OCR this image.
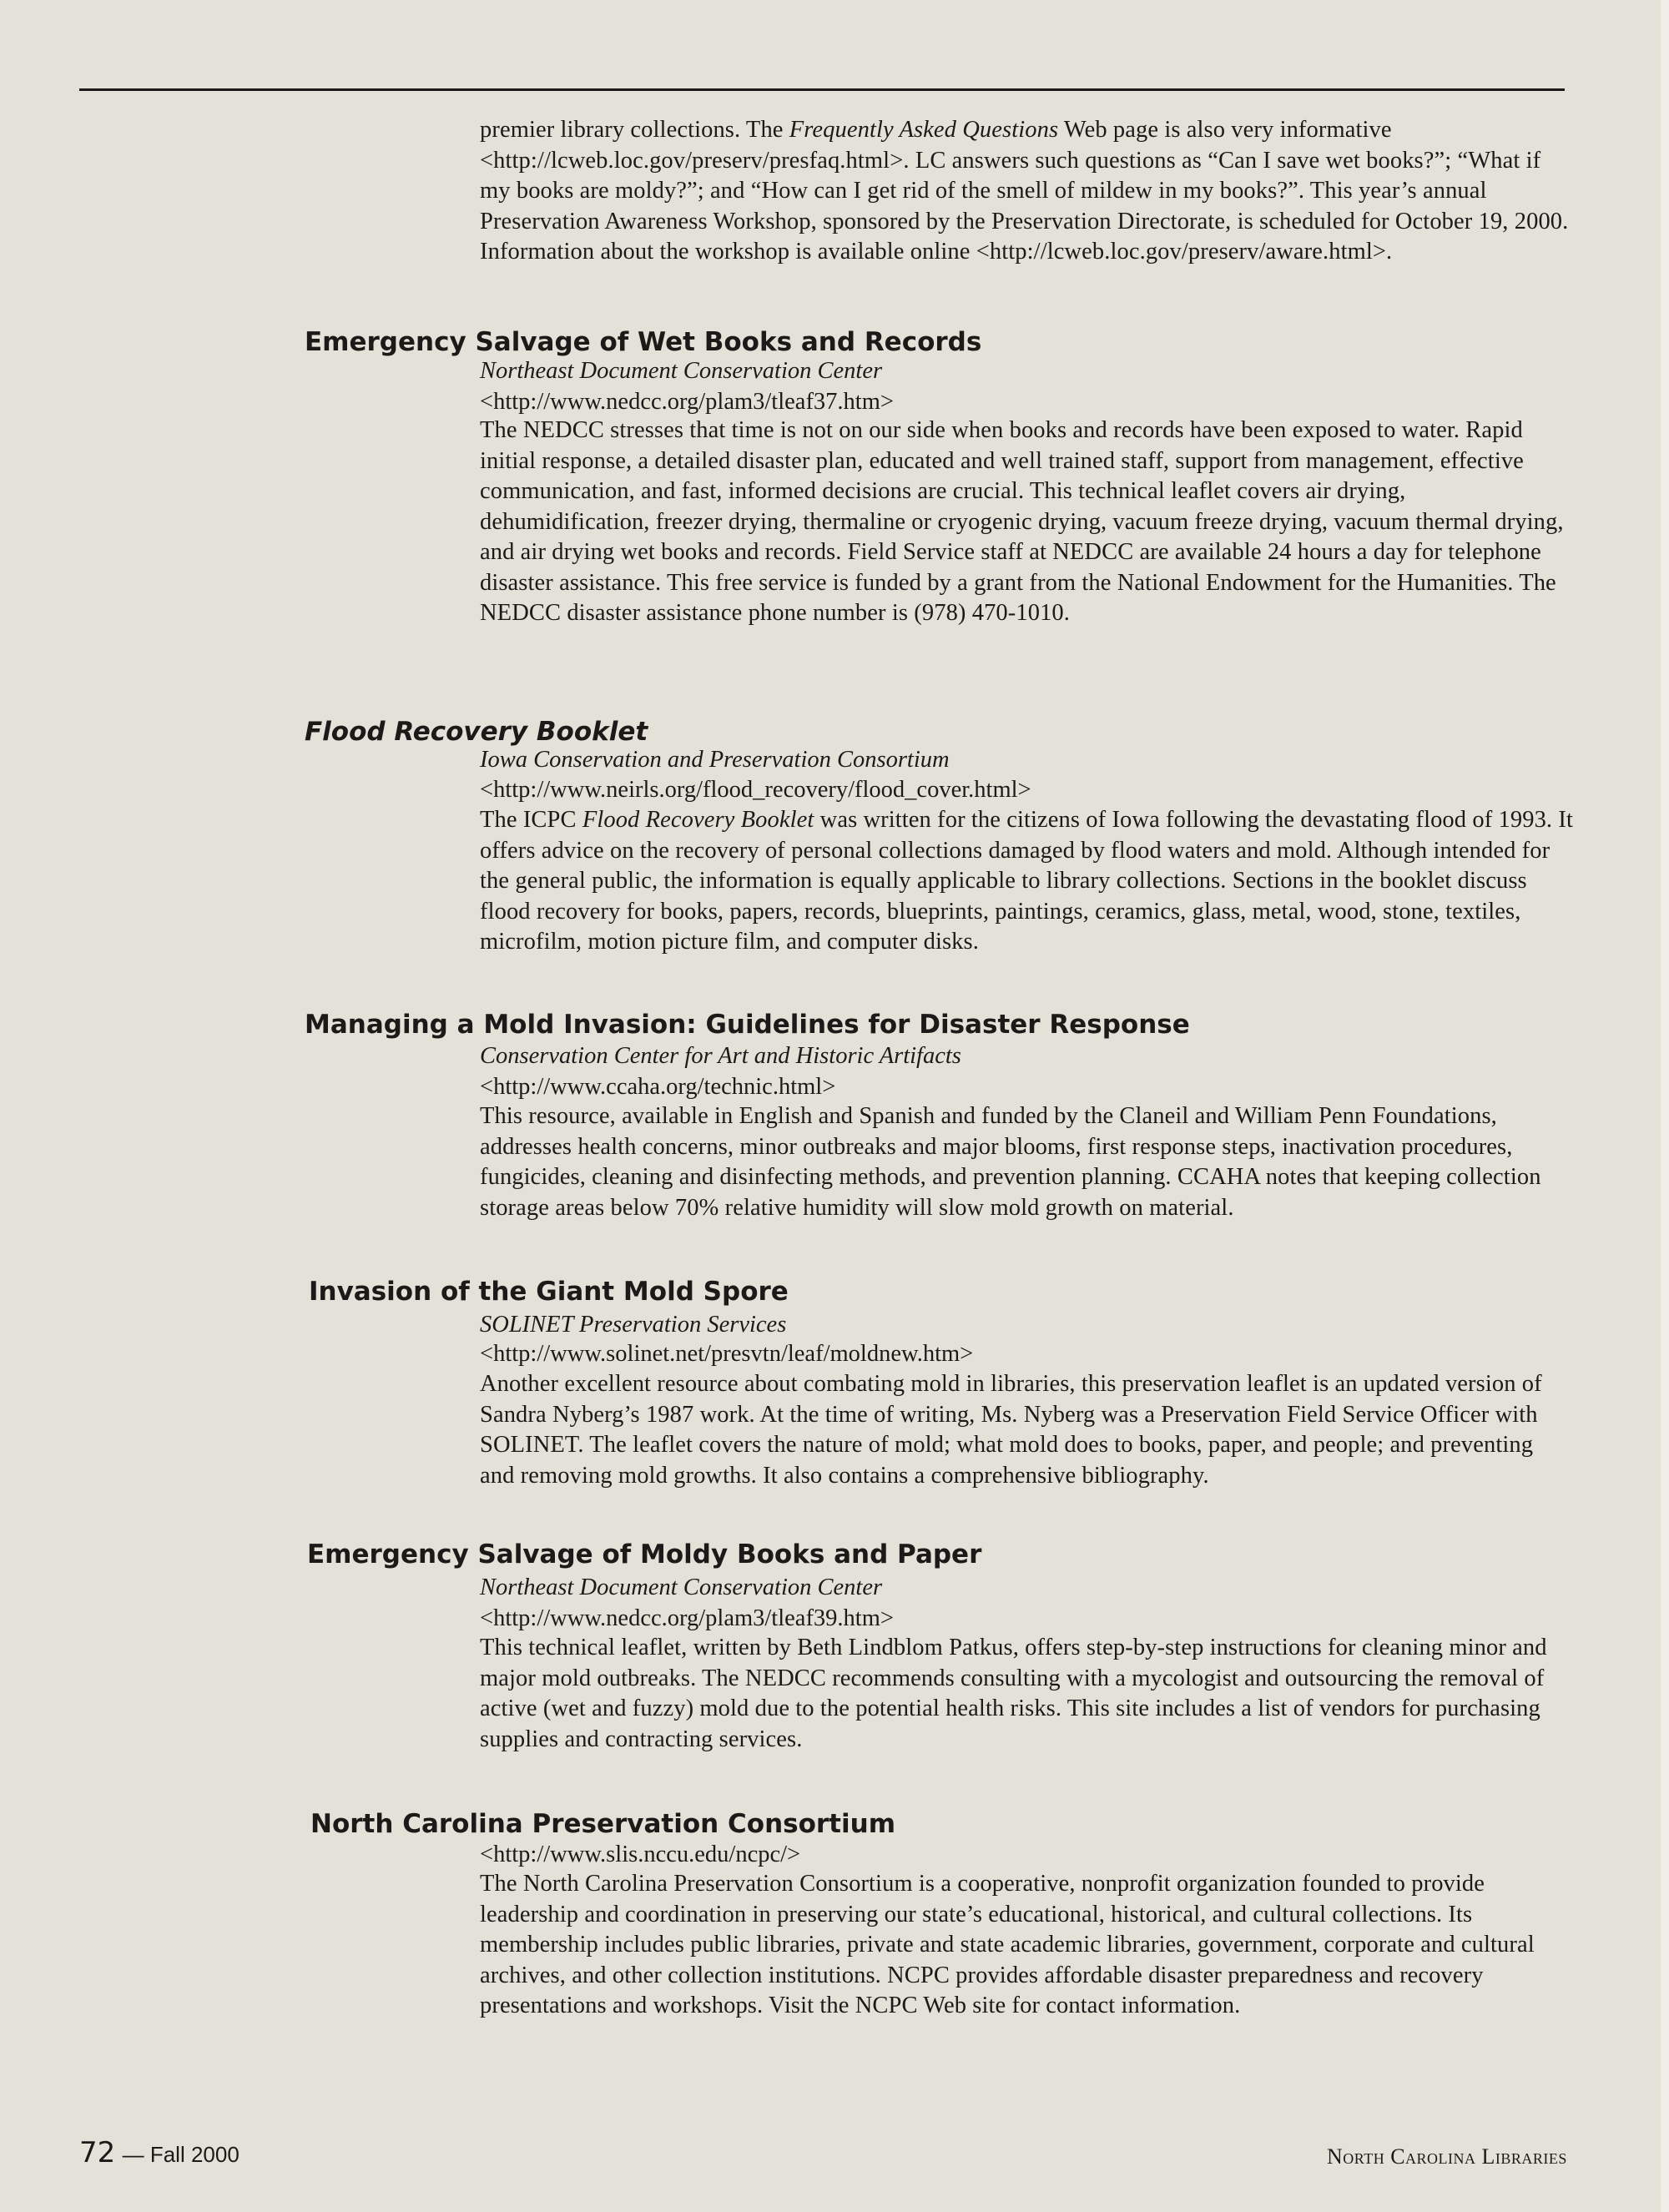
premier library collections. The Frequently Asked Questions Web page is also very informative <http://lcweb.loc.gov/preserv/presfaq.html>. LC answers such questions as “Can I save wet books?”; “What if my books are moldy?”; and “How can I get rid of the smell of mildew in my books?”. This year’s annual Preservation Awareness Workshop, sponsored by the Preservation Directorate, is scheduled for October 19, 2000. Information about the workshop is available online <http://lcweb.loc.gov/preserv/aware.html>.

Emergency Salvage of Wet Books and Records
Northeast Document Conservation Center
<http://www.nedcc.org/plam3/tleaf37.htm>

The NEDCC stresses that time is not on our side when books and records have been exposed to water. Rapid initial response, a detailed disaster plan, educated and well trained staff, support from management, effective communication, and fast, informed decisions are crucial. This technical leaflet covers air drying, dehumidification, freezer drying, thermaline or cryogenic drying, vacuum freeze drying, vacuum thermal drying, and air drying wet books and records. Field Service staff at NEDCC are available 24 hours a day for telephone disaster assistance. This free service is funded by a grant from the National Endowment for the Humanities. The NEDCC disaster assistance phone number is (978) 470-1010.

Flood Recovery Booklet
Iowa Conservation and Preservation Consortium
<http://www.neirls.org/flood_recovery/flood_cover.html>

The ICPC Flood Recovery Booklet was written for the citizens of Iowa following the devastating flood of 1993. It offers advice on the recovery of personal collections damaged by flood waters and mold. Although intended for the general public, the information is equally applicable to library collections. Sections in the booklet discuss flood recovery for books, papers, records, blueprints, paintings, ceramics, glass, metal, wood, stone, textiles, microfilm, motion picture film, and computer disks.

Managing a Mold Invasion: Guidelines for Disaster Response
Conservation Center for Art and Historic Artifacts
<http://www.ccaha.org/technic.html>

This resource, available in English and Spanish and funded by the Claneil and William Penn Foundations, addresses health concerns, minor outbreaks and major blooms, first response steps, inactivation procedures, fungicides, cleaning and disinfecting methods, and prevention planning. CCAHA notes that keeping collection storage areas below 70% relative humidity will slow mold growth on material.

Invasion of the Giant Mold Spore
SOLINET Preservation Services
<http://www.solinet.net/presvtn/leaf/moldnew.htm>

Another excellent resource about combating mold in libraries, this preservation leaflet is an updated version of Sandra Nyberg’s 1987 work. At the time of writing, Ms. Nyberg was a Preservation Field Service Officer with SOLINET. The leaflet covers the nature of mold; what mold does to books, paper, and people; and preventing and removing mold growths. It also contains a comprehensive bibliography.

Emergency Salvage of Moldy Books and Paper
Northeast Document Conservation Center
<http://www.nedcc.org/plam3/tleaf39.htm>

This technical leaflet, written by Beth Lindblom Patkus, offers step-by-step instructions for cleaning minor and major mold outbreaks. The NEDCC recommends consulting with a mycologist and outsourcing the removal of active (wet and fuzzy) mold due to the potential health risks. This site includes a list of vendors for purchasing supplies and contracting services.

North Carolina Preservation Consortium
<http://www.slis.nccu.edu/ncpc/>

The North Carolina Preservation Consortium is a cooperative, nonprofit organization founded to provide leadership and coordination in preserving our state’s educational, historical, and cultural collections. Its membership includes public libraries, private and state academic libraries, government, corporate and cultural archives, and other collection institutions. NCPC provides affordable disaster preparedness and recovery presentations and workshops. Visit the NCPC Web site for contact information.

72 — Fall 2000	North Carolina Libraries
